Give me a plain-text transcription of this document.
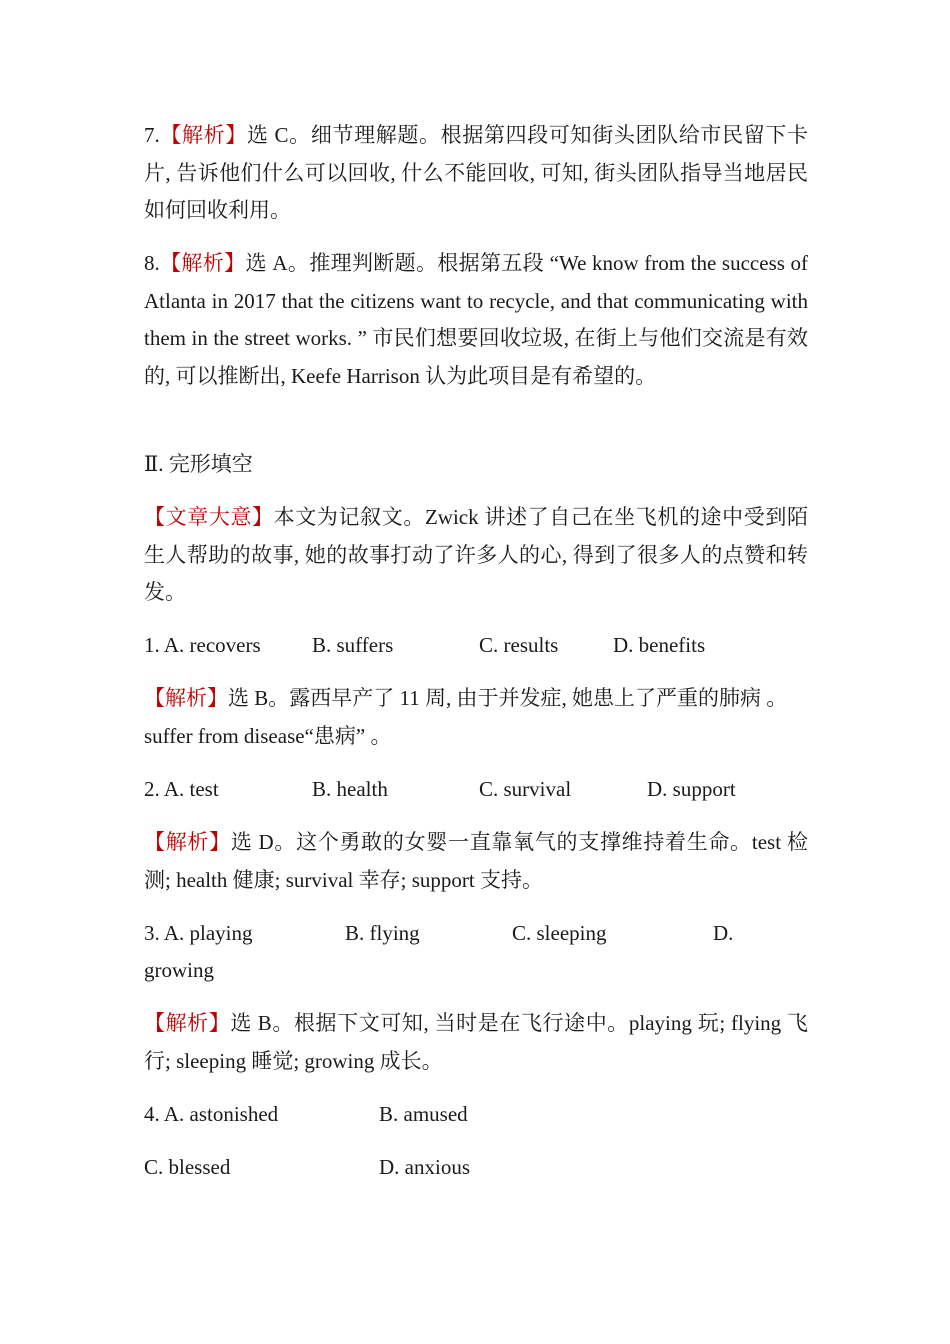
7.【解析】选 C。细节理解题。根据第四段可知街头团队给市民留下卡片, 告诉他们什么可以回收, 什么不能回收, 可知, 街头团队指导当地居民如何回收利用。

8.【解析】选 A。推理判断题。根据第五段 “We know from the success of Atlanta in 2017 that the citizens want to recycle, and that communicating with them in the street works. ” 市民们想要回收垃圾, 在街上与他们交流是有效的, 可以推断出, Keefe Harrison 认为此项目是有希望的。

Ⅱ. 完形填空

【文章大意】本文为记叙文。Zwick 讲述了自己在坐飞机的途中受到陌生人帮助的故事, 她的故事打动了许多人的心, 得到了很多人的点赞和转发。

1. A. recovers B. suffers	C. results	D. benefits

【解析】选 B。露西早产了 11 周, 由于并发症, 她患上了严重的肺病 。suffer from disease“患病” 。

2. A. test	B. health	C. survival	D. support

【解析】选 D。这个勇敢的女婴一直靠氧气的支撑维持着生命。test 检测; health 健康; survival 幸存; support 支持。

3. A. playing	B. flying	C. sleeping	D.
growing

【解析】选 B。根据下文可知, 当时是在飞行途中。playing 玩; flying 飞行; sleeping 睡觉; growing 成长。

4. A. astonished	B. amused
C. blessed	D. anxious
